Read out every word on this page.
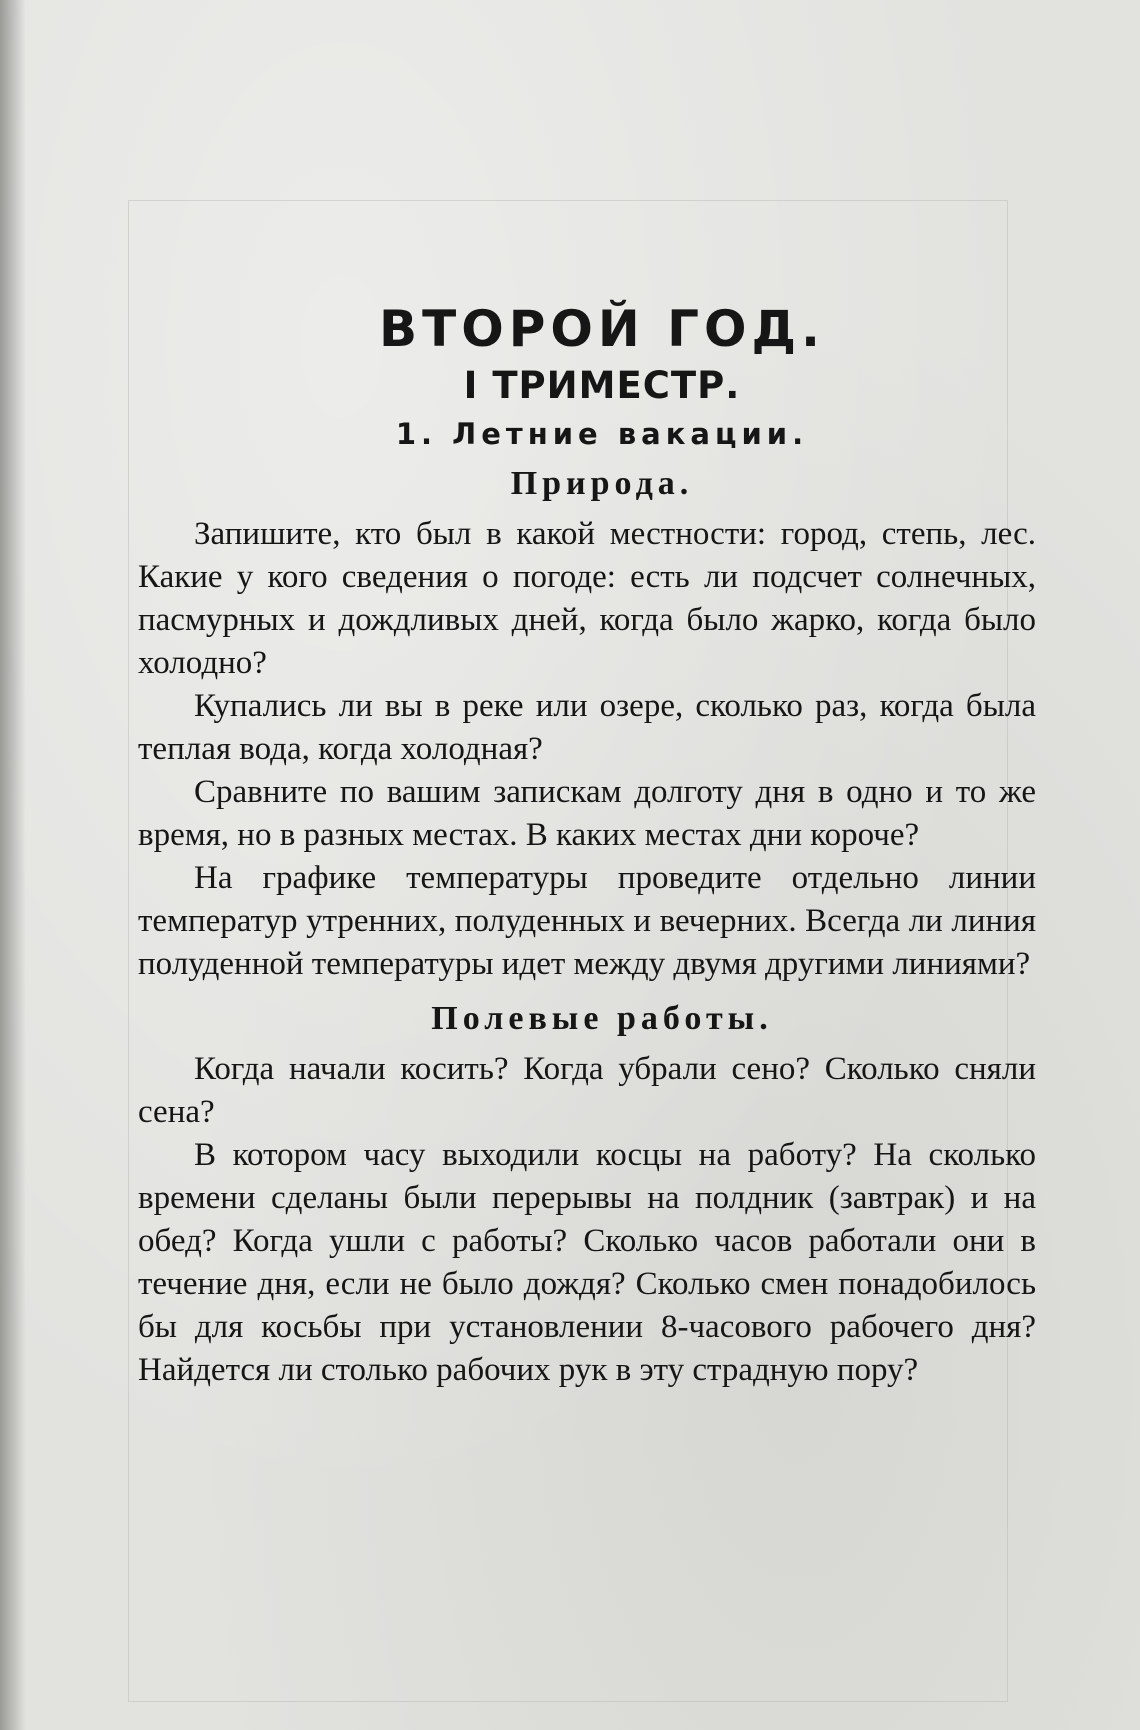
ВТОРОЙ ГОД.
I ТРИМЕСТР.
1. Летние вакации.
Природа.

Запишите, кто был в какой местности: город, степь, лес. Какие у кого сведения о погоде: есть ли подсчет солнечных, пасмурных и дождливых дней, когда было жарко, когда было холодно?

Купались ли вы в реке или озере, сколько раз, когда была теплая вода, когда холодная?

Сравните по вашим запискам долготу дня в одно и то же время, но в разных местах. В каких местах дни короче?

На графике температуры проведите отдельно линии температур утренних, полуденных и вечерних. Всегда ли линия полуденной температуры идет между двумя другими линиями?

Полевые работы.

Когда начали косить? Когда убрали сено? Сколько сняли сена?

В котором часу выходили косцы на работу? На сколько времени сделаны были перерывы на полдник (завтрак) и на обед? Когда ушли с работы? Сколько часов работали они в течение дня, если не было дождя? Сколько смен понадобилось бы для косьбы при установлении 8-часового рабочего дня? Найдется ли столько рабочих рук в эту страдную пору?
